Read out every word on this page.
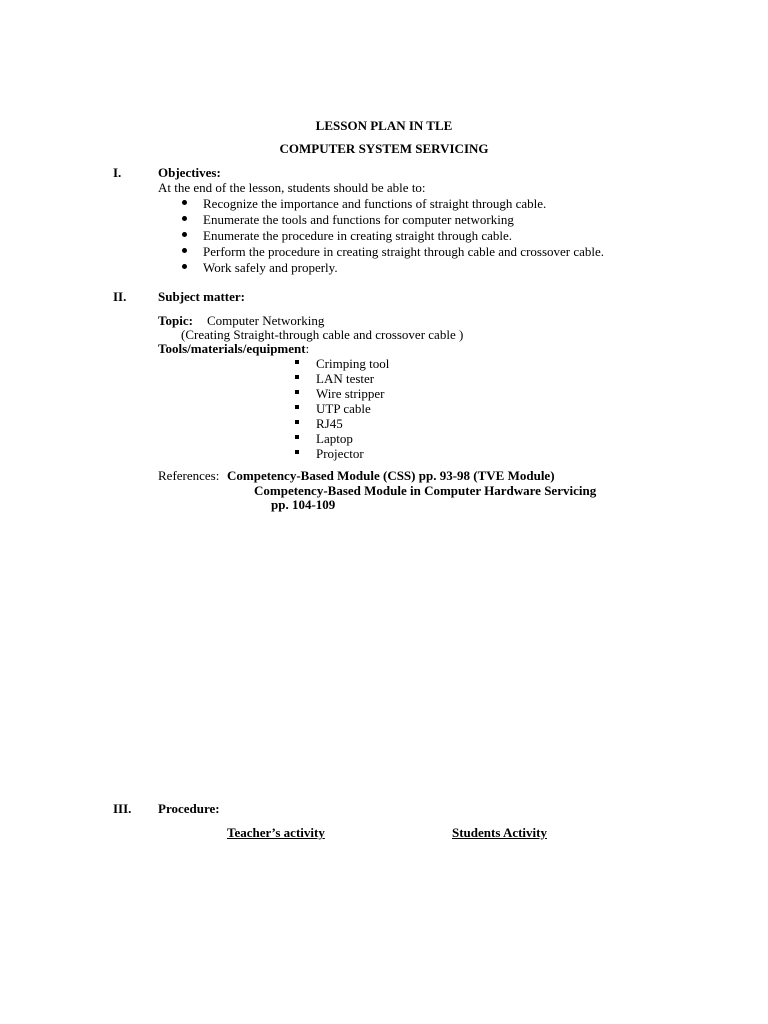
LESSON PLAN IN TLE
COMPUTER SYSTEM SERVICING
I.	Objectives:
At the end of the lesson, students should be able to:
Recognize the importance and functions of straight through cable.
Enumerate the tools and functions for computer networking
Enumerate the procedure in creating straight through cable.
Perform the procedure in creating straight through cable and crossover cable.
Work safely and properly.
II. Subject matter:
Topic: Computer Networking
(Creating Straight-through cable and crossover cable )
Tools/materials/equipment:
Crimping tool
LAN tester
Wire stripper
UTP cable
RJ45
Laptop
Projector
References: Competency-Based Module (CSS) pp. 93-98 (TVE Module)
Competency-Based Module in Computer Hardware Servicing
pp. 104-109
III. Procedure:
Teacher’s activity	Students Activity
